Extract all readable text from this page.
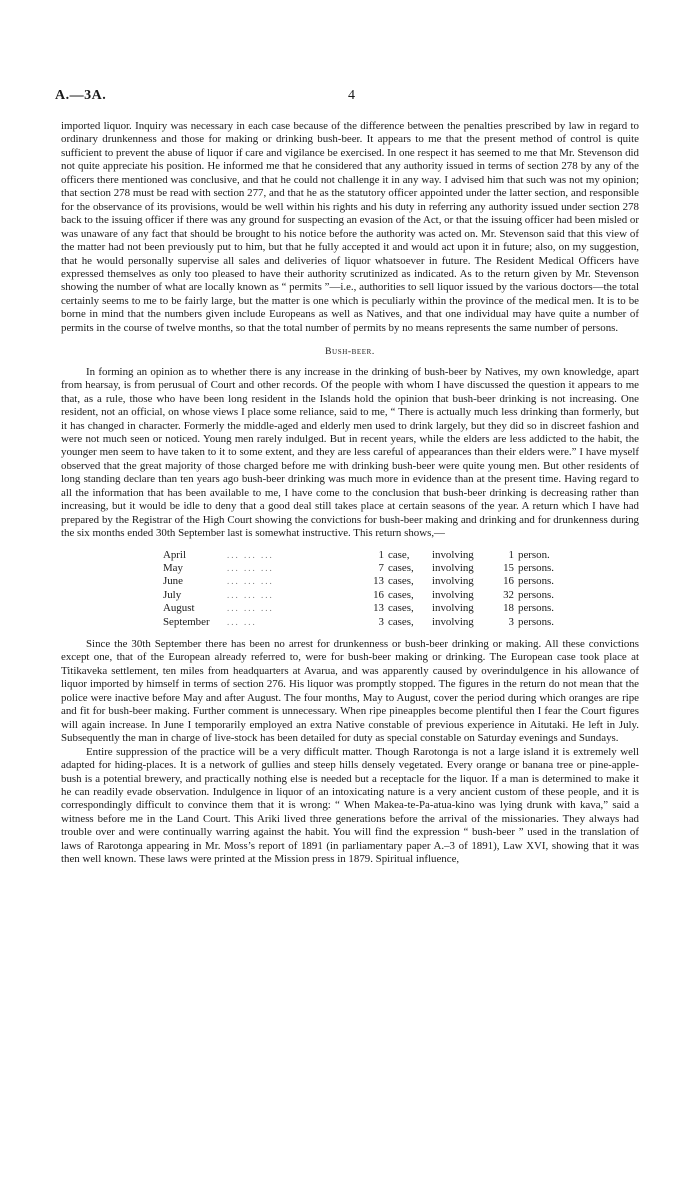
A.—3A.	4

imported liquor. Inquiry was necessary in each case because of the difference between the penalties prescribed by law in regard to ordinary drunkenness and those for making or drinking bush-beer. It appears to me that the present method of control is quite sufficient to prevent the abuse of liquor if care and vigilance be exercised. In one respect it has seemed to me that Mr. Stevenson did not quite appreciate his position. He informed me that he considered that any authority issued in terms of section 278 by any of the officers there mentioned was conclusive, and that he could not challenge it in any way. I advised him that such was not my opinion; that section 278 must be read with section 277, and that he as the statutory officer appointed under the latter section, and responsible for the observance of its provisions, would be well within his rights and his duty in referring any authority issued under section 278 back to the issuing officer if there was any ground for suspecting an evasion of the Act, or that the issuing officer had been misled or was unaware of any fact that should be brought to his notice before the authority was acted on. Mr. Stevenson said that this view of the matter had not been previously put to him, but that he fully accepted it and would act upon it in future; also, on my suggestion, that he would personally supervise all sales and deliveries of liquor whatsoever in future. The Resident Medical Officers have expressed themselves as only too pleased to have their authority scrutinized as indicated. As to the return given by Mr. Stevenson showing the number of what are locally known as “ permits ”—i.e., authorities to sell liquor issued by the various doctors—the total certainly seems to me to be fairly large, but the matter is one which is peculiarly within the province of the medical men. It is to be borne in mind that the numbers given include Europeans as well as Natives, and that one individual may have quite a number of permits in the course of twelve months, so that the total number of permits by no means represents the same number of persons.

Bush-beer.

In forming an opinion as to whether there is any increase in the drinking of bush-beer by Natives, my own knowledge, apart from hearsay, is from perusual of Court and other records. Of the people with whom I have discussed the question it appears to me that, as a rule, those who have been long resident in the Islands hold the opinion that bush-beer drinking is not increasing. One resident, not an official, on whose views I place some reliance, said to me, “ There is actually much less drinking than formerly, but it has changed in character. Formerly the middle-aged and elderly men used to drink largely, but they did so in discreet fashion and were not much seen or noticed. Young men rarely indulged. But in recent years, while the elders are less addicted to the habit, the younger men seem to have taken to it to some extent, and they are less careful of appearances than their elders were.” I have myself observed that the great majority of those charged before me with drinking bush-beer were quite young men. But other residents of long standing declare than ten years ago bush-beer drinking was much more in evidence than at the present time. Having regard to all the information that has been available to me, I have come to the conclusion that bush-beer drinking is decreasing rather than increasing, but it would be idle to deny that a good deal still takes place at certain seasons of the year. A return which I have had prepared by the Registrar of the High Court showing the convictions for bush-beer making and drinking and for drunkenness during the six months ended 30th September last is somewhat instructive. This return shows,—

April	... ... ...	1	case,	involving	1	person.
May	... ... ...	7	cases,	involving	15	persons.
June	... ... ...	13	cases,	involving	16	persons.
July	... ... ...	16	cases,	involving	32	persons.
August	... ... ...	13	cases,	involving	18	persons.
September	... ...	3	cases,	involving	3	persons.

Since the 30th September there has been no arrest for drunkenness or bush-beer drinking or making. All these convictions except one, that of the European already referred to, were for bush-beer making or drinking. The European case took place at Titikaveka settlement, ten miles from headquarters at Avarua, and was apparently caused by overindulgence in his allowance of liquor imported by himself in terms of section 276. His liquor was promptly stopped. The figures in the return do not mean that the police were inactive before May and after August. The four months, May to August, cover the period during which oranges are ripe and fit for bush-beer making. Further comment is unnecessary. When ripe pineapples become plentiful then I fear the Court figures will again increase. In June I temporarily employed an extra Native constable of previous experience in Aitutaki. He left in July. Subsequently the man in charge of live-stock has been detailed for duty as special constable on Saturday evenings and Sundays.

Entire suppression of the practice will be a very difficult matter. Though Rarotonga is not a large island it is extremely well adapted for hiding-places. It is a network of gullies and steep hills densely vegetated. Every orange or banana tree or pine-apple-bush is a potential brewery, and practically nothing else is needed but a receptacle for the liquor. If a man is determined to make it he can readily evade observation. Indulgence in liquor of an intoxicating nature is a very ancient custom of these people, and it is correspondingly difficult to convince them that it is wrong: “ When Makea-te-Pa-atua-kino was lying drunk with kava,” said a witness before me in the Land Court. This Ariki lived three generations before the arrival of the missionaries. They always had trouble over and were continually warring against the habit. You will find the expression “ bush-beer ” used in the translation of laws of Rarotonga appearing in Mr. Moss’s report of 1891 (in parliamentary paper A.–3 of 1891), Law XVI, showing that it was then well known. These laws were printed at the Mission press in 1879. Spiritual influence,
